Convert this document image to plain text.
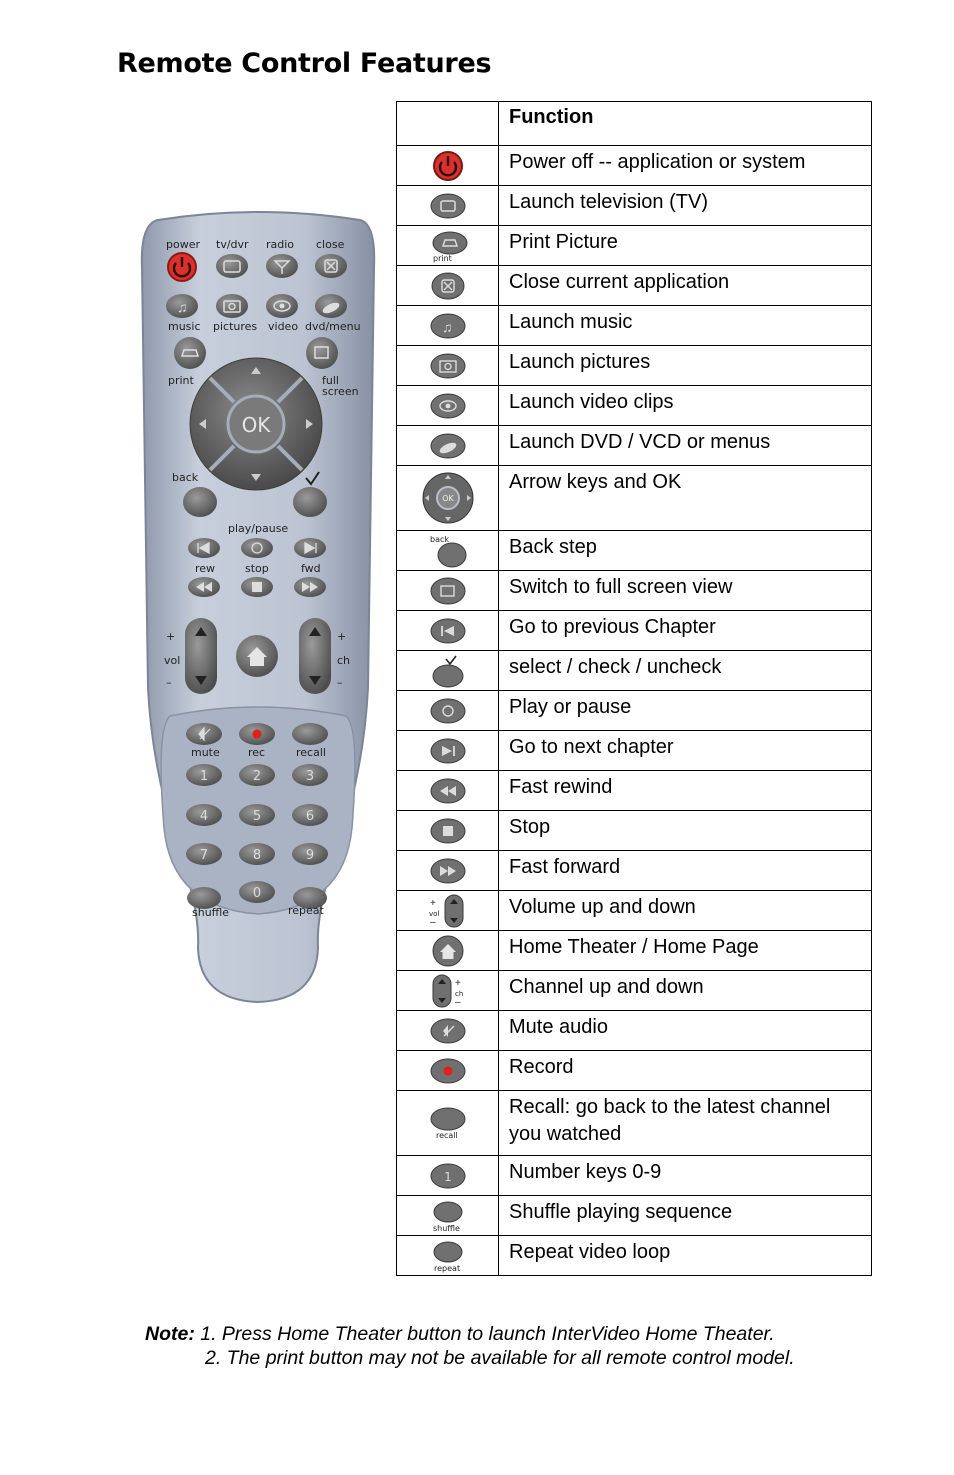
Remote Control Features
power tv/dvr radio close
♫
music pictures video dvd/menu
print	full
screen
OK
back
play/pause
rew	stop	fwd
+
vol
–
+
ch
–
mute	rec	recall
1	2	3
4	5	6
7	8	9
0
shuffle	repeat
	Function

	Power off -- application or system

	Launch television (TV)

print	Print Picture

	Close current application

♫	Launch music

	Launch pictures

	Launch video clips

	Launch DVD / VCD or menus

OK	Arrow keys and OK

back	Back step

	Switch to full screen view

	Go to previous Chapter

	select / check / uncheck

	Play or pause

	Go to next chapter

	Fast rewind

	Stop

	Fast forward

+
vol
–	Volume up and down

	Home Theater / Home Page

+
ch
–	Channel up and down

	Mute audio

	Record

recall	Recall: go back to the latest channel you watched

1	Number keys 0-9

shuffle	Shuffle playing sequence

repeat	Repeat video loop
Note: 1. Press Home Theater button to launch InterVideo Home Theater.
2. The print button may not be available for all remote control model.
